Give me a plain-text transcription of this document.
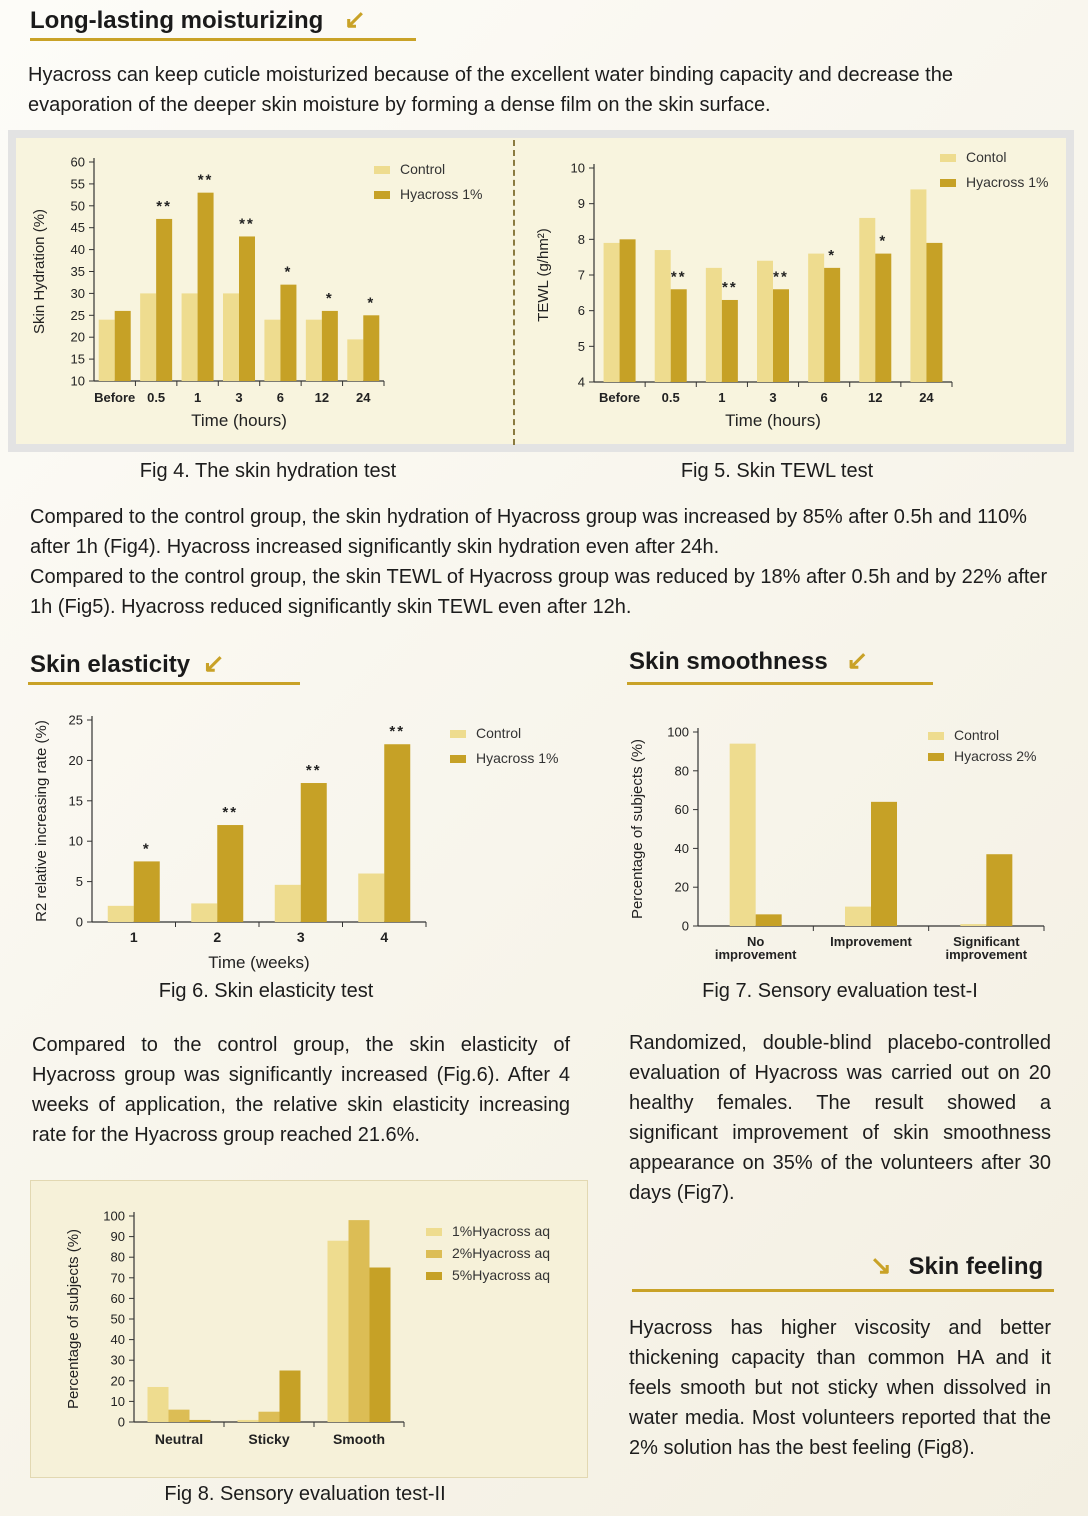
Long-lasting moisturizing ↙
Hyacross can keep cuticle moisturized because of the excellent water binding capacity and decrease the evaporation of the deeper skin moisture by forming a dense film on the skin surface.
10
15
20
25
30
35
40
45
50
55
60
Before 0.5
**
1
**
3
**
6
*
12
*
24
*
Time (hours)
Skin Hydration (%)
Control
Hyacross 1%
4
5
6
7
8
9
10
Before 0.5
**
1
**
3
**
6
*
12
*
24
Time (hours)
TEWL (g/hm²)
Contol
Hyacross 1%
Fig 4. The skin hydration test	Fig 5. Skin TEWL test
Compared to the control group, the skin hydration of Hyacross group was increased by 85% after 0.5h and 110% after 1h (Fig4). Hyacross increased significantly skin hydration even after 24h.
Compared to the control group, the skin TEWL of Hyacross group was reduced by 18% after 0.5h and by 22% after 1h (Fig5). Hyacross reduced significantly skin TEWL even after 12h.
Skin elasticity ↙
0
5
10
15
20
25
1
*
2
**
3
**
4
**
Time (weeks)
R2 relative increasing rate (%)	Control
Hyacross 1%
Fig 6. Skin elasticity test
Compared to the control group, the skin elasticity of Hyacross group was significantly increased (Fig.6). After 4 weeks of application, the relative skin elasticity increasing rate for the Hyacross group reached 21.6%.
Skin smoothness ↙
0
20
40
60
80
100
No
improvement
Improvement	Significant
improvement
Percentage of subjects (%)
Control
Hyacross 2%
Fig 7. Sensory evaluation test-I
Randomized, double-blind placebo-controlled evaluation of Hyacross was carried out on 20 healthy females. The result showed a significant improvement of skin smoothness appearance on 35% of the volunteers after 30 days (Fig7).
0
10
20
30
40
50
60
70
80
90
100
Neutral	Sticky	Smooth
Percentage of subjects (%)	1%Hyacross aq
2%Hyacross aq
5%Hyacross aq
Fig 8. Sensory evaluation test-II
↘ Skin feeling
Hyacross has higher viscosity and better thickening capacity than common HA and it feels smooth but not sticky when dissolved in water media. Most volunteers reported that the 2% solution has the best feeling (Fig8).
